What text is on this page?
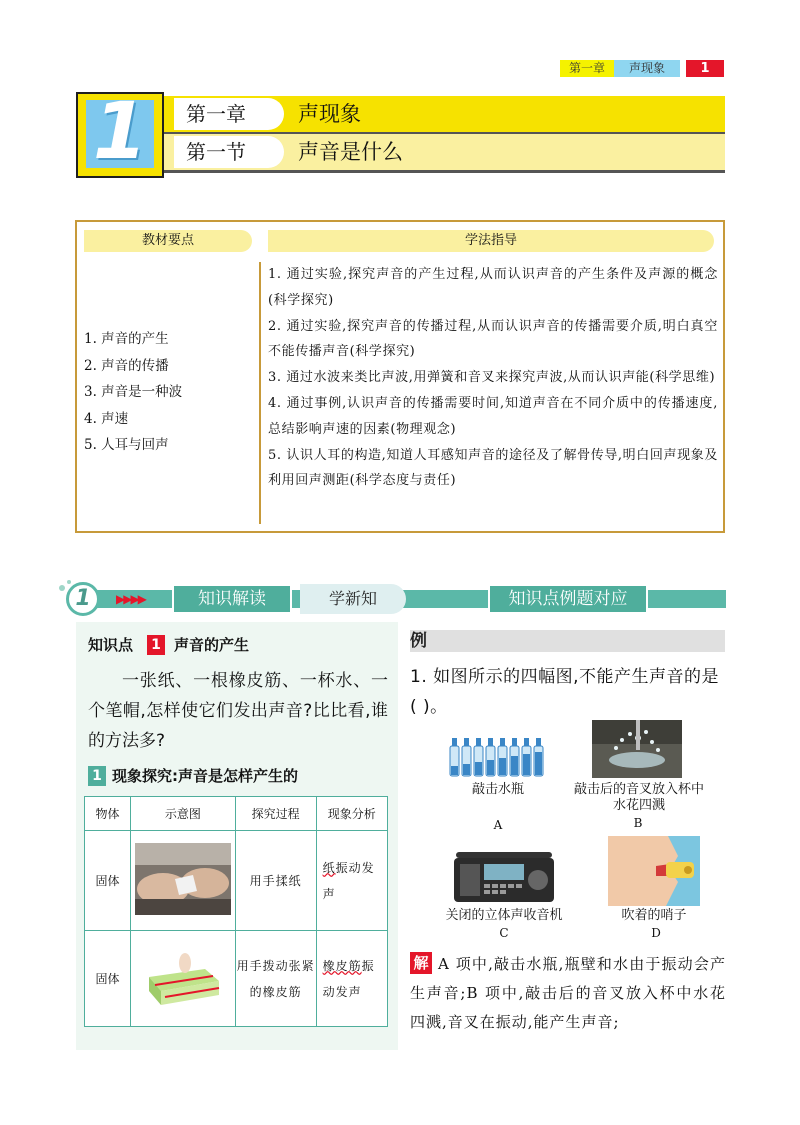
第一章	声现象	1
1	第一章	声现象
第一节	声音是什么
教材要点	学法指导
1. 声音的产生
2. 声音的传播
3. 声音是一种波
4. 声速
5. 人耳与回声
1. 通过实验,探究声音的产生过程,从而认识声音的产生条件及声源的概念(科学探究)
2. 通过实验,探究声音的传播过程,从而认识声音的传播需要介质,明白真空不能传播声音(科学探究)
3. 通过水波来类比声波,用弹簧和音叉来探究声波,从而认识声能(科学思维)
4. 通过事例,认识声音的传播需要时间,知道声音在不同介质中的传播速度,总结影响声速的因素(物理观念)
5. 认识人耳的构造,知道人耳感知声音的途径及了解骨传导,明白回声现象及利用回声测距(科学态度与责任)
1	▶▶▶▶	知识解读	学新知	知识点例题对应
知识点 1 声音的产生
一张纸、一根橡皮筋、一杯水、一个笔帽,怎样使它们发出声音?比比看,谁的方法多?
1 现象探究:声音是怎样产生的
物体	示意图	探究过程	现象分析
固体		用手揉纸	纸振动发声
固体		用手拨动张紧的橡皮筋	橡皮筋振动发声
例
1. 如图所示的四幅图,不能产生声音的是( )。
敲击水瓶
A
敲击后的音叉放入杯中水花四溅
B
关闭的立体声收音机
C
吹着的哨子
D
解 A 项中,敲击水瓶,瓶壁和水由于振动会产生声音;B 项中,敲击后的音叉放入杯中水花四溅,音叉在振动,能产生声音;
